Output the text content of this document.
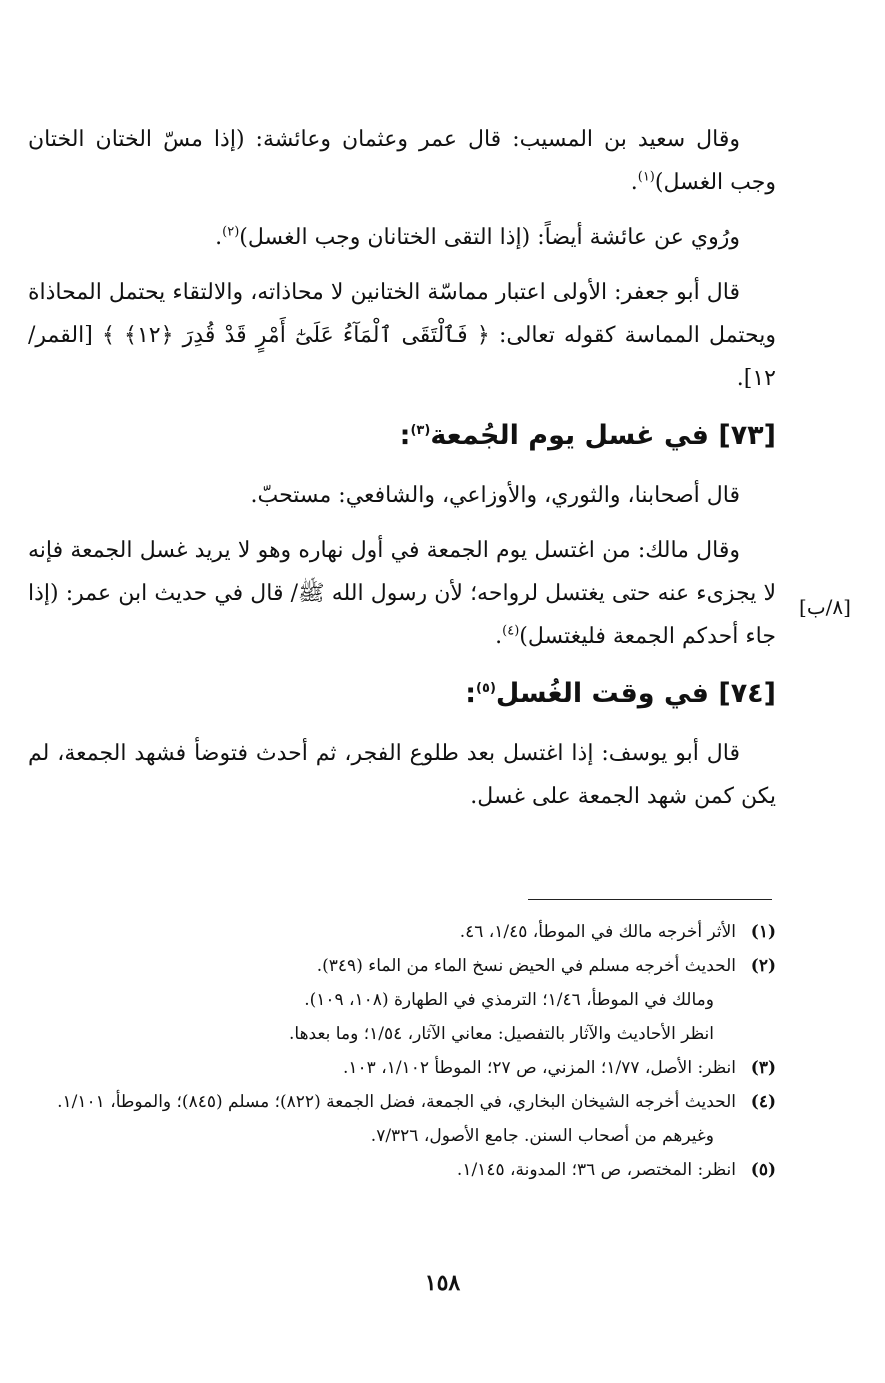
وقال سعيد بن المسيب: قال عمر وعثمان وعائشة: (إذا مسّ الختان الختان وجب الغسل)$^{(١)}$.

ورُوي عن عائشة أيضاً: (إذا التقى الختانان وجب الغسل)$^{(٢)}$.

قال أبو جعفر: الأولى اعتبار مماسّة الختانين لا محاذاته، والالتقاء يحتمل المحاذاة ويحتمل المماسة كقوله تعالى: ﴿ فَٱلْتَقَى ٱلْمَآءُ عَلَىٰٓ أَمْرٍ قَدْ قُدِرَ ﴿١٢﴾ ﴾ [القمر/ ١٢].

[٧٣] في غسل يوم الجُمعة$^{(٣)}$:

قال أصحابنا، والثوري، والأوزاعي، والشافعي: مستحبّ.

وقال مالك: من اغتسل يوم الجمعة في أول نهاره وهو لا يريد غسل الجمعة فإنه لا يجزىء عنه حتى يغتسل لرواحه؛ لأن رسول الله ﷺ/ قال في حديث ابن عمر: (إذا جاء أحدكم الجمعة فليغتسل)$^{(٤)}$.

[٧٤] في وقت الغُسل$^{(٥)}$:

قال أبو يوسف: إذا اغتسل بعد طلوع الفجر، ثم أحدث فتوضأ فشهد الجمعة، لم يكن كمن شهد الجمعة على غسل.

[٨/ب]

(١)الأثر أخرجه مالك في الموطأ، ١/٤٥، ٤٦.

(٢)الحديث أخرجه مسلم في الحيض نسخ الماء من الماء (٣٤٩).

ومالك في الموطأ، ١/٤٦؛ الترمذي في الطهارة (١٠٨، ١٠٩).

انظر الأحاديث والآثار بالتفصيل: معاني الآثار، ١/٥٤؛ وما بعدها.

(٣)انظر: الأصل، ١/٧٧؛ المزني، ص ٢٧؛ الموطأ ١/١٠٢، ١٠٣.

(٤)الحديث أخرجه الشيخان البخاري، في الجمعة، فضل الجمعة (٨٢٢)؛ مسلم (٨٤٥)؛ والموطأ، ١/١٠١.

وغيرهم من أصحاب السنن. جامع الأصول، ٧/٣٢٦.

(٥)انظر: المختصر، ص ٣٦؛ المدونة، ١/١٤٥.

١٥٨
